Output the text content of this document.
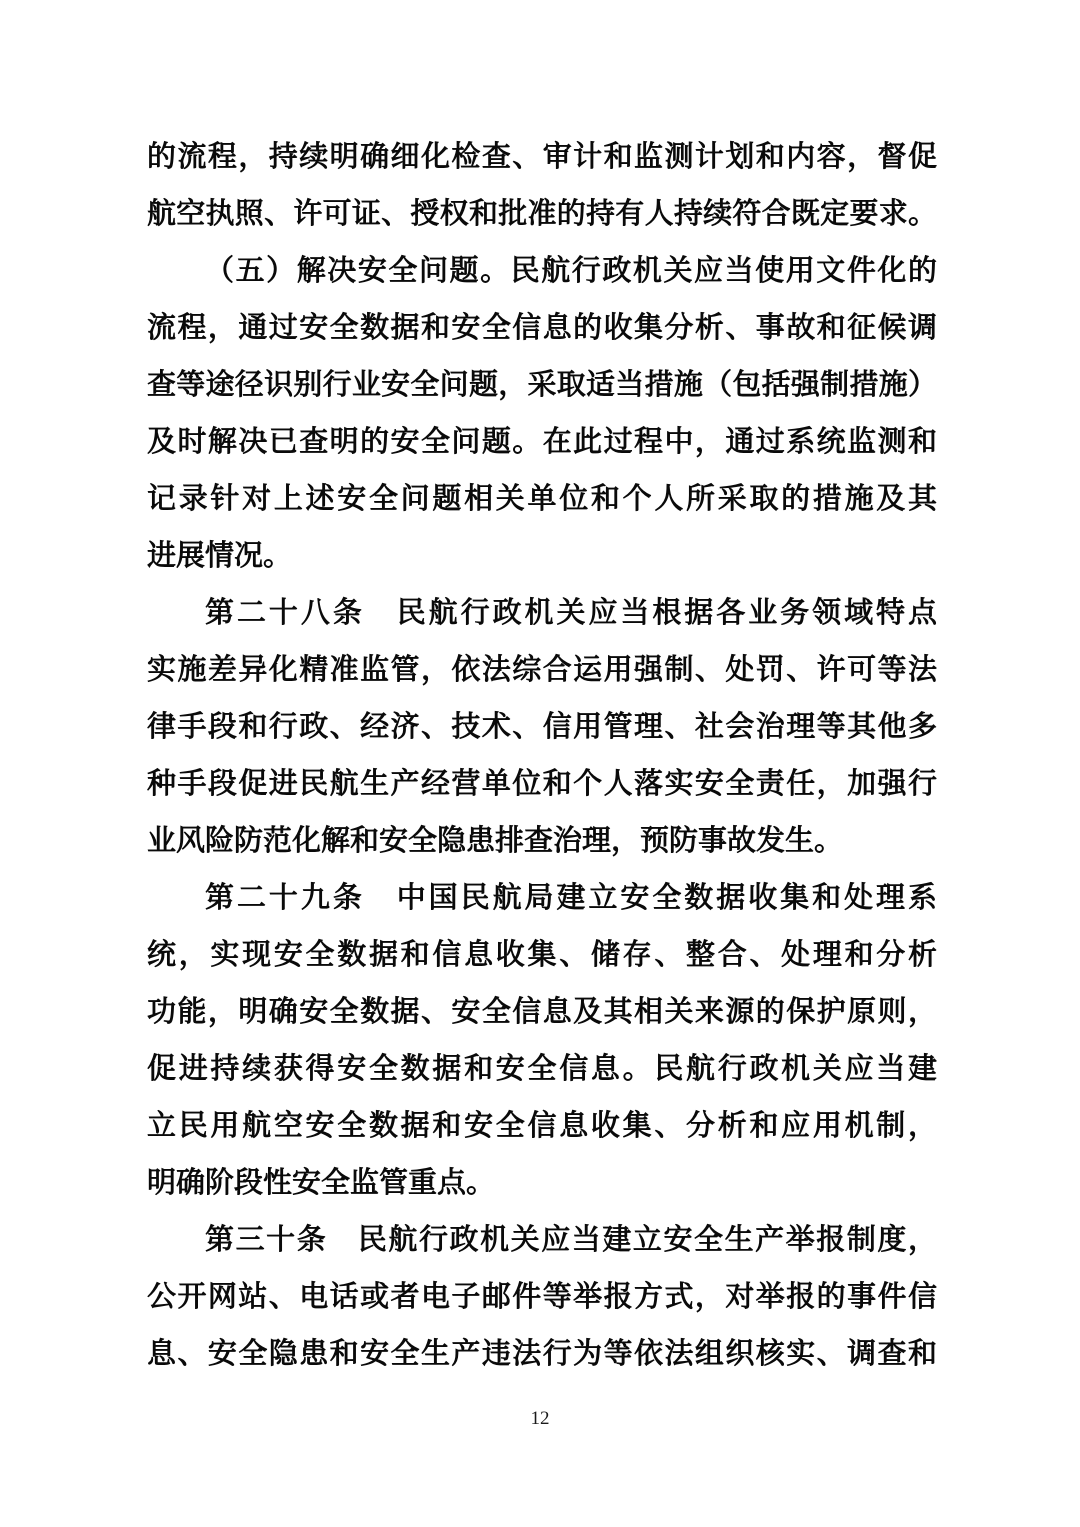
的流程，持续明确细化检查、审计和监测计划和内容，督促
航空执照、许可证、授权和批准的持有人持续符合既定要求。
（五）解决安全问题。民航行政机关应当使用文件化的
流程，通过安全数据和安全信息的收集分析、事故和征候调
查等途径识别行业安全问题，采取适当措施（包括强制措施）
及时解决已查明的安全问题。在此过程中，通过系统监测和
记录针对上述安全问题相关单位和个人所采取的措施及其
进展情况。
第二十八条　民航行政机关应当根据各业务领域特点
实施差异化精准监管，依法综合运用强制、处罚、许可等法
律手段和行政、经济、技术、信用管理、社会治理等其他多
种手段促进民航生产经营单位和个人落实安全责任，加强行
业风险防范化解和安全隐患排查治理，预防事故发生。
第二十九条　中国民航局建立安全数据收集和处理系
统，实现安全数据和信息收集、储存、整合、处理和分析
功能，明确安全数据、安全信息及其相关来源的保护原则，
促进持续获得安全数据和安全信息。民航行政机关应当建
立民用航空安全数据和安全信息收集、分析和应用机制，
明确阶段性安全监管重点。
第三十条　民航行政机关应当建立安全生产举报制度，
公开网站、电话或者电子邮件等举报方式，对举报的事件信
息、安全隐患和安全生产违法行为等依法组织核实、调查和
12
